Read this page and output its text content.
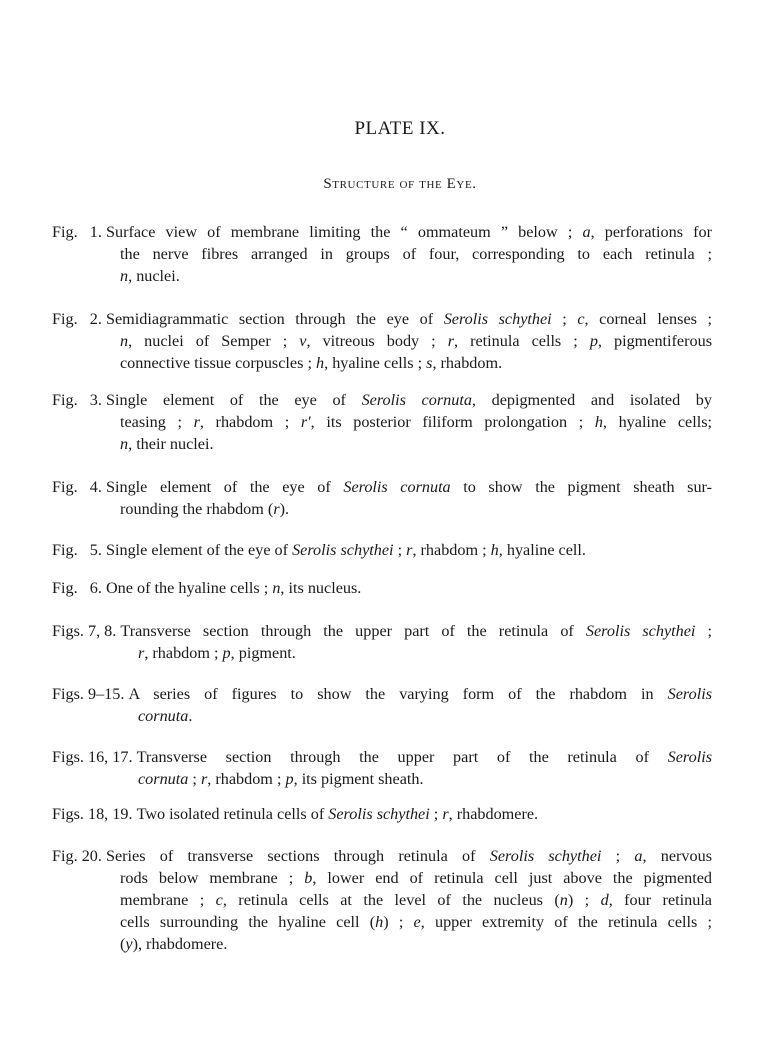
PLATE IX.
Structure of the Eye.
Fig.   1. Surface view of membrane limiting the “ ommateum ” below ; a, perforations for
the nerve fibres arranged in groups of four, corresponding to each retinula ;
n, nuclei.
Fig.   2. Semidiagrammatic section through the eye of Serolis schythei ; c, corneal lenses ;
n, nuclei of Semper ; v, vitreous body ; r, retinula cells ; p, pigmentiferous
connective tissue corpuscles ; h, hyaline cells ; s, rhabdom.
Fig.   3. Single element of the eye of Serolis cornuta, depigmented and isolated by
teasing ; r, rhabdom ; r′, its posterior filiform prolongation ; h, hyaline cells;
n, their nuclei.
Fig.   4. Single element of the eye of Serolis cornuta to show the pigment sheath sur-
rounding the rhabdom (r).
Fig.   5. Single element of the eye of Serolis schythei ; r, rhabdom ; h, hyaline cell.
Fig.   6. One of the hyaline cells ; n, its nucleus.
Figs. 7, 8. Transverse section through the upper part of the retinula of Serolis schythei ;
r, rhabdom ; p, pigment.
Figs. 9–15. A series of figures to show the varying form of the rhabdom in Serolis
cornuta.
Figs. 16, 17. Transverse section through the upper part of the retinula of Serolis
cornuta ; r, rhabdom ; p, its pigment sheath.
Figs. 18, 19. Two isolated retinula cells of Serolis schythei ; r, rhabdomere.
Fig. 20. Series of transverse sections through retinula of Serolis schythei ; a, nervous
rods below membrane ; b, lower end of retinula cell just above the pigmented
membrane ; c, retinula cells at the level of the nucleus (n) ; d, four retinula
cells surrounding the hyaline cell (h) ; e, upper extremity of the retinula cells ;
(y), rhabdomere.
